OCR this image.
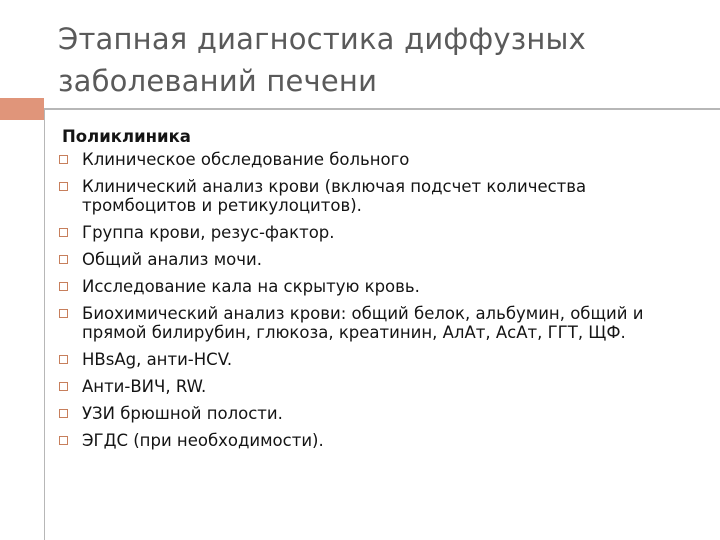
Этапная диагностика диффузных заболеваний печени
Поликлиника
Клиническое обследование больного
Клинический анализ крови (включая подсчет количества тромбоцитов и ретикулоцитов).
Группа крови, резус-фактор.
Общий анализ мочи.
Исследование кала на скрытую кровь.
Биохимический анализ крови: общий белок, альбумин, общий и прямой билирубин, глюкоза, креатинин, АлАт, АсАт, ГГТ, ЩФ.
HBsAg, анти-HCV.
Анти-ВИЧ, RW.
УЗИ брюшной полости.
ЭГДС (при необходимости).
